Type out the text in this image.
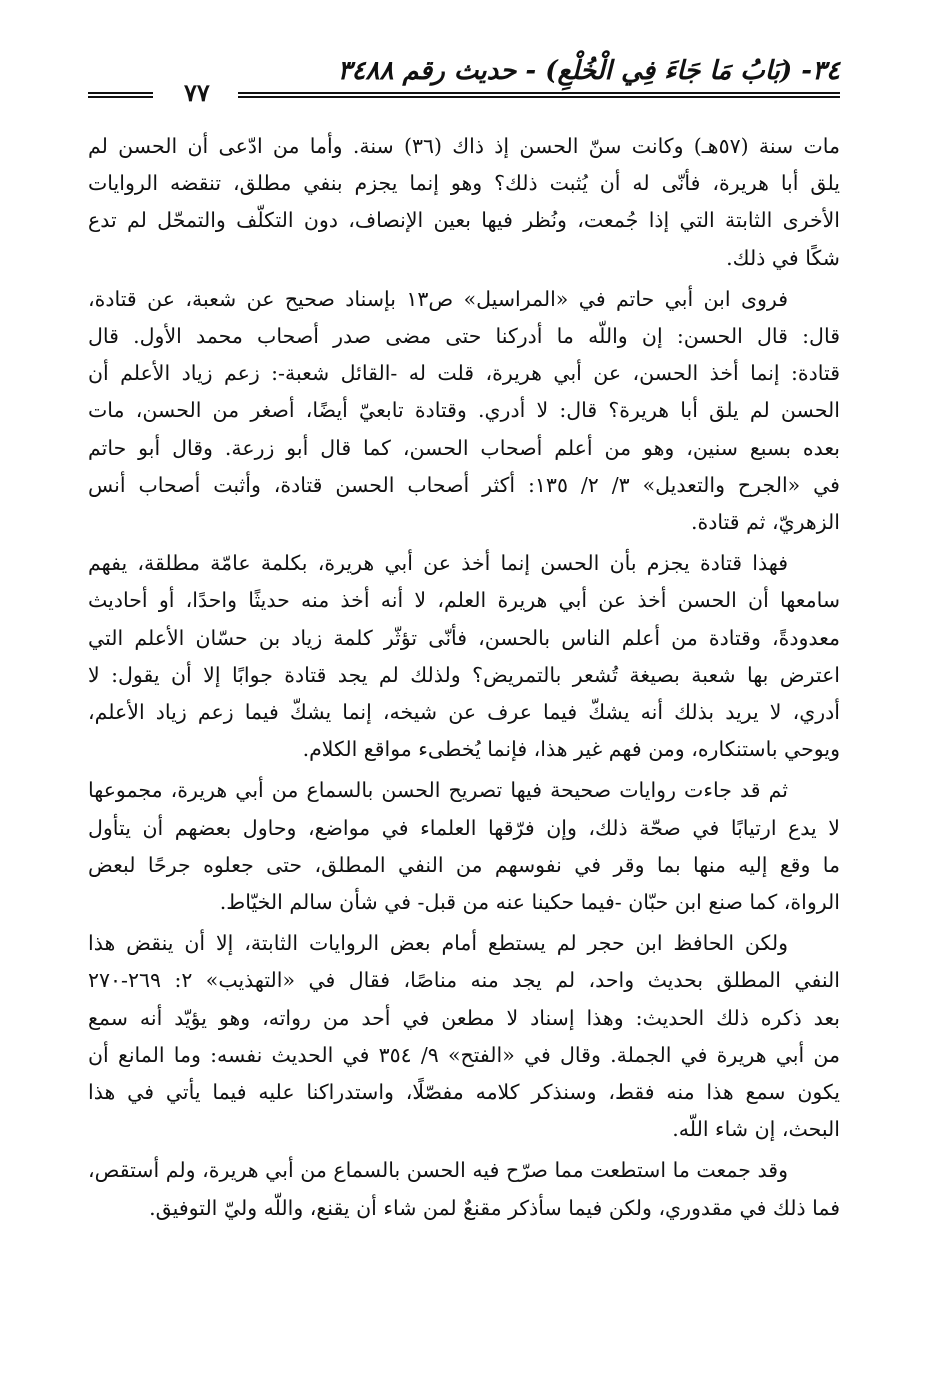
٣٤- (بَابُ مَا جَاءَ فِي الْخُلْعِ) - حديث رقم ٣٤٨٨
٧٧

مات سنة (٥٧هـ) وكانت سنّ الحسن إذ ذاك (٣٦) سنة. وأما من ادّعى أن الحسن لم
يلق أبا هريرة، فأنّى له أن يُثبت ذلك؟ وهو إنما يجزم بنفي مطلق، تنقضه الروايات
الأخرى الثابتة التي إذا جُمعت، ونُظر فيها بعين الإنصاف، دون التكلّف والتمحّل لم تدع
شكًا في ذلك.

فروى ابن أبي حاتم في «المراسيل» ص١٣ بإسناد صحيح عن شعبة، عن قتادة،
قال: قال الحسن: إن واللّه ما أدركنا حتى مضى صدر أصحاب محمد الأول. قال
قتادة: إنما أخذ الحسن، عن أبي هريرة، قلت له -القائل شعبة-: زعم زياد الأعلم أن
الحسن لم يلق أبا هريرة؟ قال: لا أدري. وقتادة تابعيّ أيضًا، أصغر من الحسن، مات
بعده بسبع سنين، وهو من أعلم أصحاب الحسن، كما قال أبو زرعة. وقال أبو حاتم
في «الجرح والتعديل» ٣/ ٢/ ١٣٥: أكثر أصحاب الحسن قتادة، وأثبت أصحاب أنس
الزهريّ، ثم قتادة.

فهذا قتادة يجزم بأن الحسن إنما أخذ عن أبي هريرة، بكلمة عامّة مطلقة، يفهم
سامعها أن الحسن أخذ عن أبي هريرة العلم، لا أنه أخذ منه حديثًا واحدًا، أو أحاديث
معدودةً، وقتادة من أعلم الناس بالحسن، فأنّى تؤثّر كلمة زياد بن حسّان الأعلم التي
اعترض بها شعبة بصيغة تُشعر بالتمريض؟ ولذلك لم يجد قتادة جوابًا إلا أن يقول: لا
أدري، لا يريد بذلك أنه يشكّ فيما عرف عن شيخه، إنما يشكّ فيما زعم زياد الأعلم،
ويوحي باستنكاره، ومن فهم غير هذا، فإنما يُخطىء مواقع الكلام.

ثم قد جاءت روايات صحيحة فيها تصريح الحسن بالسماع من أبي هريرة، مجموعها
لا يدع ارتيابًا في صحّة ذلك، وإن فرّقها العلماء في مواضع، وحاول بعضهم أن يتأول
ما وقع إليه منها بما وقر في نفوسهم من النفي المطلق، حتى جعلوه جرحًا لبعض
الرواة، كما صنع ابن حبّان -فيما حكينا عنه من قبل- في شأن سالم الخيّاط.

ولكن الحافظ ابن حجر لم يستطع أمام بعض الروايات الثابتة، إلا أن ينقض هذا
النفي المطلق بحديث واحد، لم يجد منه مناصًا، فقال في «التهذيب» ٢: ٢٦٩-٢٧٠
بعد ذكره ذلك الحديث: وهذا إسناد لا مطعن في أحد من رواته، وهو يؤيّد أنه سمع
من أبي هريرة في الجملة. وقال في «الفتح» ٩/ ٣٥٤ في الحديث نفسه: وما المانع أن
يكون سمع هذا منه فقط، وسنذكر كلامه مفصّلًا، واستدراكنا عليه فيما يأتي في هذا
البحث، إن شاء اللّه.

وقد جمعت ما استطعت مما صرّح فيه الحسن بالسماع من أبي هريرة، ولم أستقص،
فما ذلك في مقدوري، ولكن فيما سأذكر مقنعٌ لمن شاء أن يقنع، واللّه وليّ التوفيق.
